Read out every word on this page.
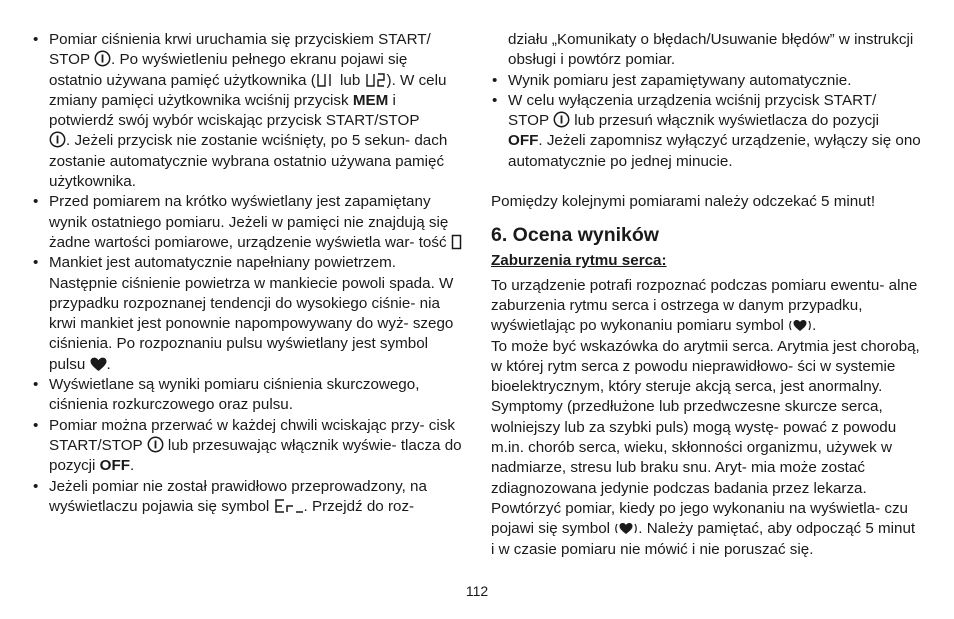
• Pomiar ciśnienia krwi uruchamia się przyciskiem START/ STOP . Po wyświetleniu pełnego ekranu pojawi się ostatnio używana pamięć użytkownika ( lub ). W celu zmiany pamięci użytkownika wciśnij przycisk MEM i potwierdź swój wybór wciskając przycisk START/STOP
. Jeżeli przycisk nie zostanie wciśnięty, po 5 sekun- dach zostanie automatycznie wybrana ostatnio używana pamięć użytkownika.
• Przed pomiarem na krótko wyświetlany jest zapamiętany wynik ostatniego pomiaru. Jeżeli w pamięci nie znajdują się żadne wartości pomiarowe, urządzenie wyświetla war- tość
• Mankiet jest automatycznie napełniany powietrzem. Następnie ciśnienie powietrza w mankiecie powoli spada. W przypadku rozpoznanej tendencji do wysokiego ciśnie- nia krwi mankiet jest ponownie napompowywany do wyż- szego ciśnienia. Po rozpoznaniu pulsu wyświetlany jest symbol pulsu .
• Wyświetlane są wyniki pomiaru ciśnienia skurczowego, ciśnienia rozkurczowego oraz pulsu.
• Pomiar można przerwać w każdej chwili wciskając przy- cisk START/STOP lub przesuwając włącznik wyświe- tlacza do pozycji OFF.
• Jeżeli pomiar nie został prawidłowo przeprowadzony, na wyświetlaczu pojawia się symbol . Przejdź do roz-

działu „Komunikaty o błędach/Usuwanie błędów” w instrukcji obsługi i powtórz pomiar.

• Wynik pomiaru jest zapamiętywany automatycznie.
• W celu wyłączenia urządzenia wciśnij przycisk START/ STOP lub przesuń włącznik wyświetlacza do pozycji
OFF. Jeżeli zapomnisz wyłączyć urządzenie, wyłączy się ono automatycznie po jednej minucie.

Pomiędzy kolejnymi pomiarami należy odczekać 5 minut!

6. Ocena wyników

Zaburzenia rytmu serca:

To urządzenie potrafi rozpoznać podczas pomiaru ewentu- alne zaburzenia rytmu serca i ostrzega w danym przypadku, wyświetlając po wykonaniu pomiaru symbol .

To może być wskazówka do arytmii serca. Arytmia jest chorobą, w której rytm serca z powodu nieprawidłowo- ści w systemie bioelektrycznym, który steruje akcją serca, jest anormalny. Symptomy (przedłużone lub przedwczesne skurcze serca, wolniejszy lub za szybki puls) mogą wystę- pować z powodu m.in. chorób serca, wieku, skłonności organizmu, używek w nadmiarze, stresu lub braku snu. Aryt- mia może zostać zdiagnozowana jedynie podczas badania przez lekarza.

Powtórzyć pomiar, kiedy po jego wykonaniu na wyświetla- czu pojawi się symbol . Należy pamiętać, aby odpocząć 5 minut i w czasie pomiaru nie mówić i nie poruszać się.

112
